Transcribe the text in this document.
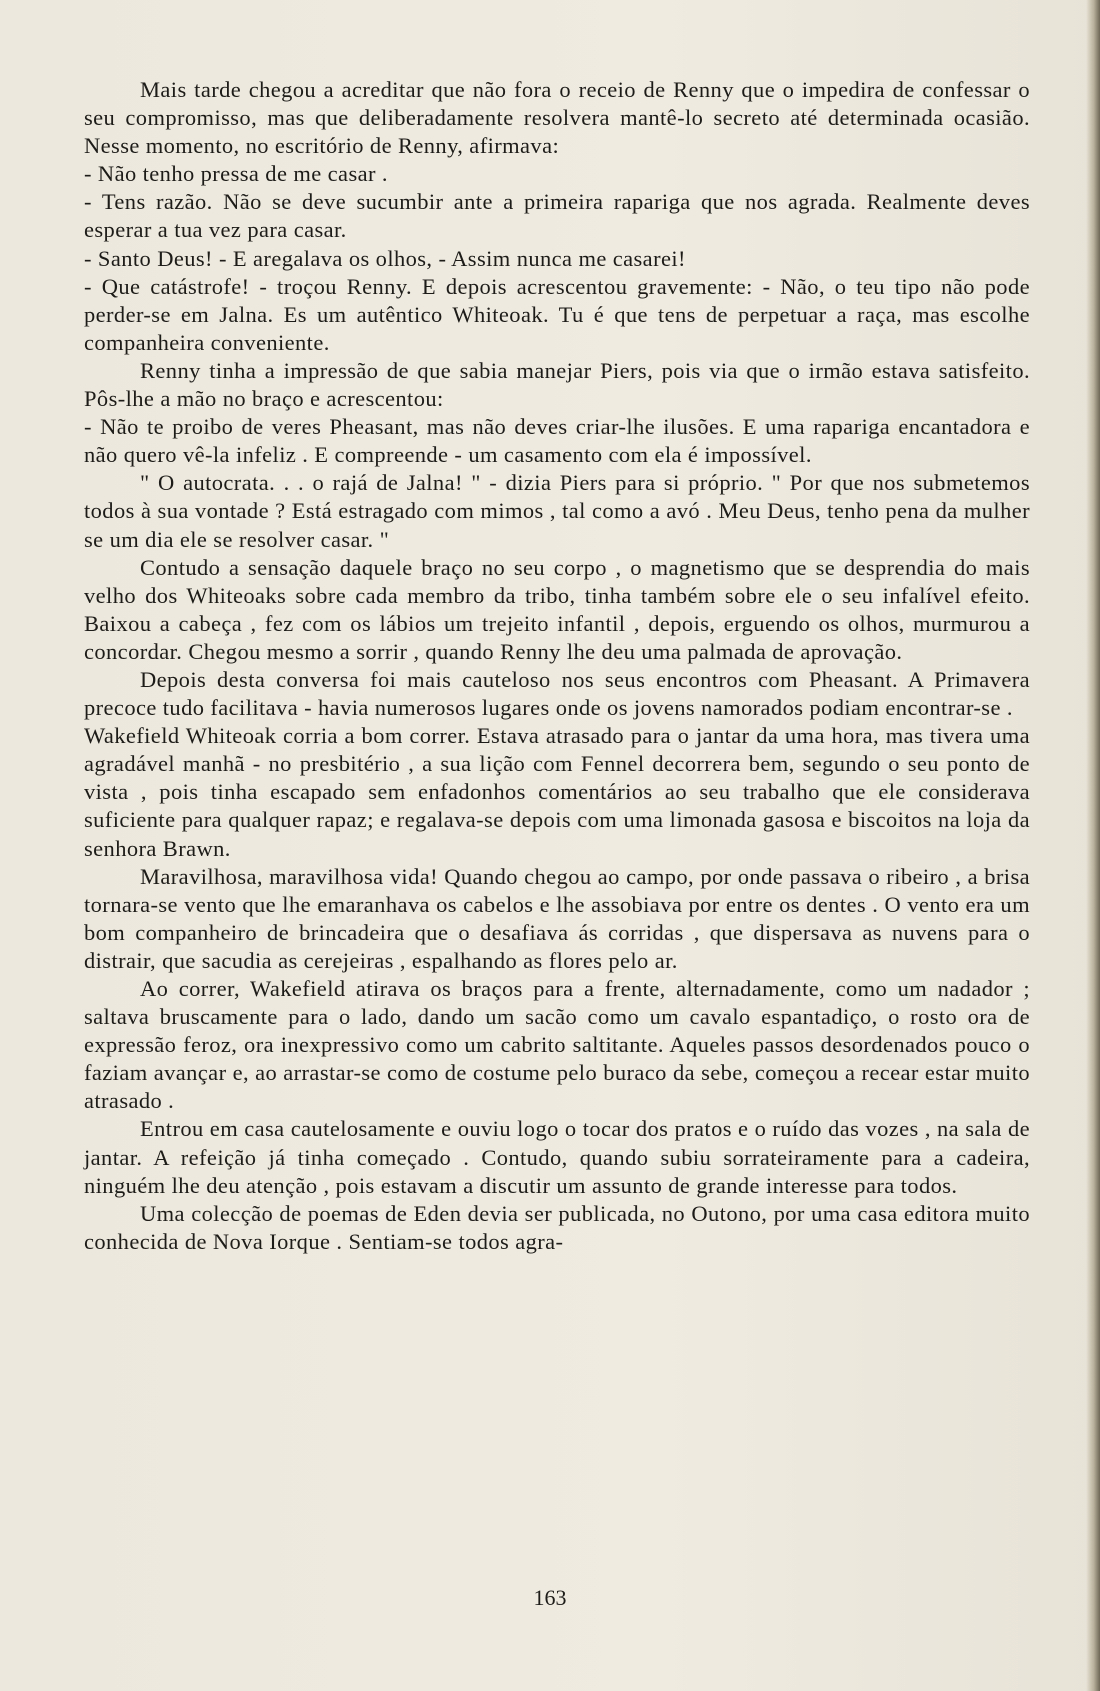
Mais tarde chegou a acreditar que não fora o receio de Renny que o impedira de confessar o seu compromisso, mas que deliberadamente resolvera mantê-lo secreto até determinada ocasião. Nesse momento, no escritório de Renny, afirmava:

- Não tenho pressa de me casar .

- Tens razão. Não se deve sucumbir ante a primeira rapariga que nos agrada. Realmente deves esperar a tua vez para casar.

- Santo Deus! - E aregalava os olhos, - Assim nunca me casarei!

- Que catástrofe! - troçou Renny. E depois acrescentou gravemente: - Não, o teu tipo não pode perder-se em Jalna. Es um autêntico Whiteoak. Tu é que tens de perpetuar a raça, mas escolhe companheira conveniente.

Renny tinha a impressão de que sabia manejar Piers, pois via que o irmão estava satisfeito. Pôs-lhe a mão no braço e acrescentou:

- Não te proibo de veres Pheasant, mas não deves criar-lhe ilusões. E uma rapariga encantadora e não quero vê-la infeliz . E compreende - um casamento com ela é impossível.

" O autocrata. . . o rajá de Jalna! " - dizia Piers para si próprio. " Por que nos submetemos todos à sua vontade ? Está estragado com mimos , tal como a avó . Meu Deus, tenho pena da mulher se um dia ele se resolver casar. "

Contudo a sensação daquele braço no seu corpo , o magnetismo que se desprendia do mais velho dos Whiteoaks sobre cada membro da tribo, tinha também sobre ele o seu infalível efeito. Baixou a cabeça , fez com os lábios um trejeito infantil , depois, erguendo os olhos, murmurou a concordar. Chegou mesmo a sorrir , quando Renny lhe deu uma palmada de aprovação.

Depois desta conversa foi mais cauteloso nos seus encontros com Pheasant. A Primavera precoce tudo facilitava - havia numerosos lugares onde os jovens namorados podiam encontrar-se .

Wakefield Whiteoak corria a bom correr. Estava atrasado para o jantar da uma hora, mas tivera uma agradável manhã - no presbitério , a sua lição com Fennel decorrera bem, segundo o seu ponto de vista , pois tinha escapado sem enfadonhos comentários ao seu trabalho que ele considerava suficiente para qualquer rapaz; e regalava-se depois com uma limonada gasosa e biscoitos na loja da senhora Brawn.

Maravilhosa, maravilhosa vida! Quando chegou ao campo, por onde passava o ribeiro , a brisa tornara-se vento que lhe emaranhava os cabelos e lhe assobiava por entre os dentes . O vento era um bom companheiro de brincadeira que o desafiava ás corridas , que dispersava as nuvens para o distrair, que sacudia as cerejeiras , espalhando as flores pelo ar.

Ao correr, Wakefield atirava os braços para a frente, alternadamente, como um nadador ; saltava bruscamente para o lado, dando um sacão como um cavalo espantadiço, o rosto ora de expressão feroz, ora inexpressivo como um cabrito saltitante. Aqueles passos desordenados pouco o faziam avançar e, ao arrastar-se como de costume pelo buraco da sebe, começou a recear estar muito atrasado .

Entrou em casa cautelosamente e ouviu logo o tocar dos pratos e o ruído das vozes , na sala de jantar. A refeição já tinha começado . Contudo, quando subiu sorrateiramente para a cadeira, ninguém lhe deu atenção , pois estavam a discutir um assunto de grande interesse para todos.

Uma colecção de poemas de Eden devia ser publicada, no Outono, por uma casa editora muito conhecida de Nova Iorque . Sentiam-se todos agra-

163
